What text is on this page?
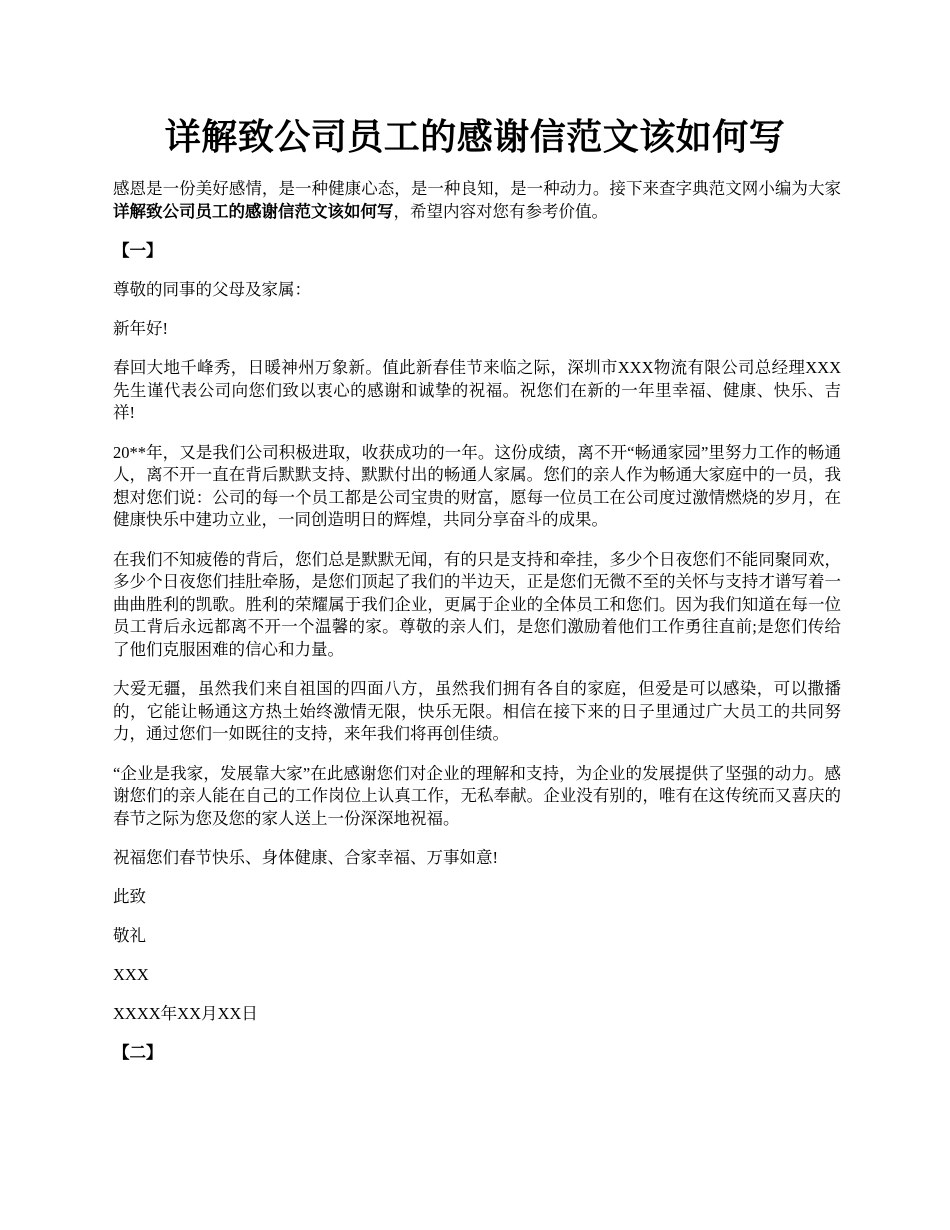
详解致公司员工的感谢信范文该如何写

感恩是一份美好感情，是一种健康心态，是一种良知，是一种动力。接下来查字典范文网小编为大家详解致公司员工的感谢信范文该如何写，希望内容对您有参考价值。

【一】

尊敬的同事的父母及家属：

新年好!

春回大地千峰秀，日暖神州万象新。值此新春佳节来临之际，深圳市XXX物流有限公司总经理XXX先生谨代表公司向您们致以衷心的感谢和诚挚的祝福。祝您们在新的一年里幸福、健康、快乐、吉祥!

20**年，又是我们公司积极进取，收获成功的一年。这份成绩，离不开“畅通家园”里努力工作的畅通人，离不开一直在背后默默支持、默默付出的畅通人家属。您们的亲人作为畅通大家庭中的一员，我想对您们说：公司的每一个员工都是公司宝贵的财富，愿每一位员工在公司度过激情燃烧的岁月，在健康快乐中建功立业，一同创造明日的辉煌，共同分享奋斗的成果。

在我们不知疲倦的背后，您们总是默默无闻，有的只是支持和牵挂，多少个日夜您们不能同聚同欢，多少个日夜您们挂肚牵肠，是您们顶起了我们的半边天，正是您们无微不至的关怀与支持才谱写着一曲曲胜利的凯歌。胜利的荣耀属于我们企业，更属于企业的全体员工和您们。因为我们知道在每一位员工背后永远都离不开一个温馨的家。尊敬的亲人们，是您们激励着他们工作勇往直前;是您们传给了他们克服困难的信心和力量。

大爱无疆，虽然我们来自祖国的四面八方，虽然我们拥有各自的家庭，但爱是可以感染，可以撒播的，它能让畅通这方热土始终激情无限，快乐无限。相信在接下来的日子里通过广大员工的共同努力，通过您们一如既往的支持，来年我们将再创佳绩。

“企业是我家，发展靠大家”在此感谢您们对企业的理解和支持，为企业的发展提供了坚强的动力。感谢您们的亲人能在自己的工作岗位上认真工作，无私奉献。企业没有别的，唯有在这传统而又喜庆的春节之际为您及您的家人送上一份深深地祝福。

祝福您们春节快乐、身体健康、合家幸福、万事如意!

此致

敬礼

XXX

XXXX年XX月XX日

【二】
